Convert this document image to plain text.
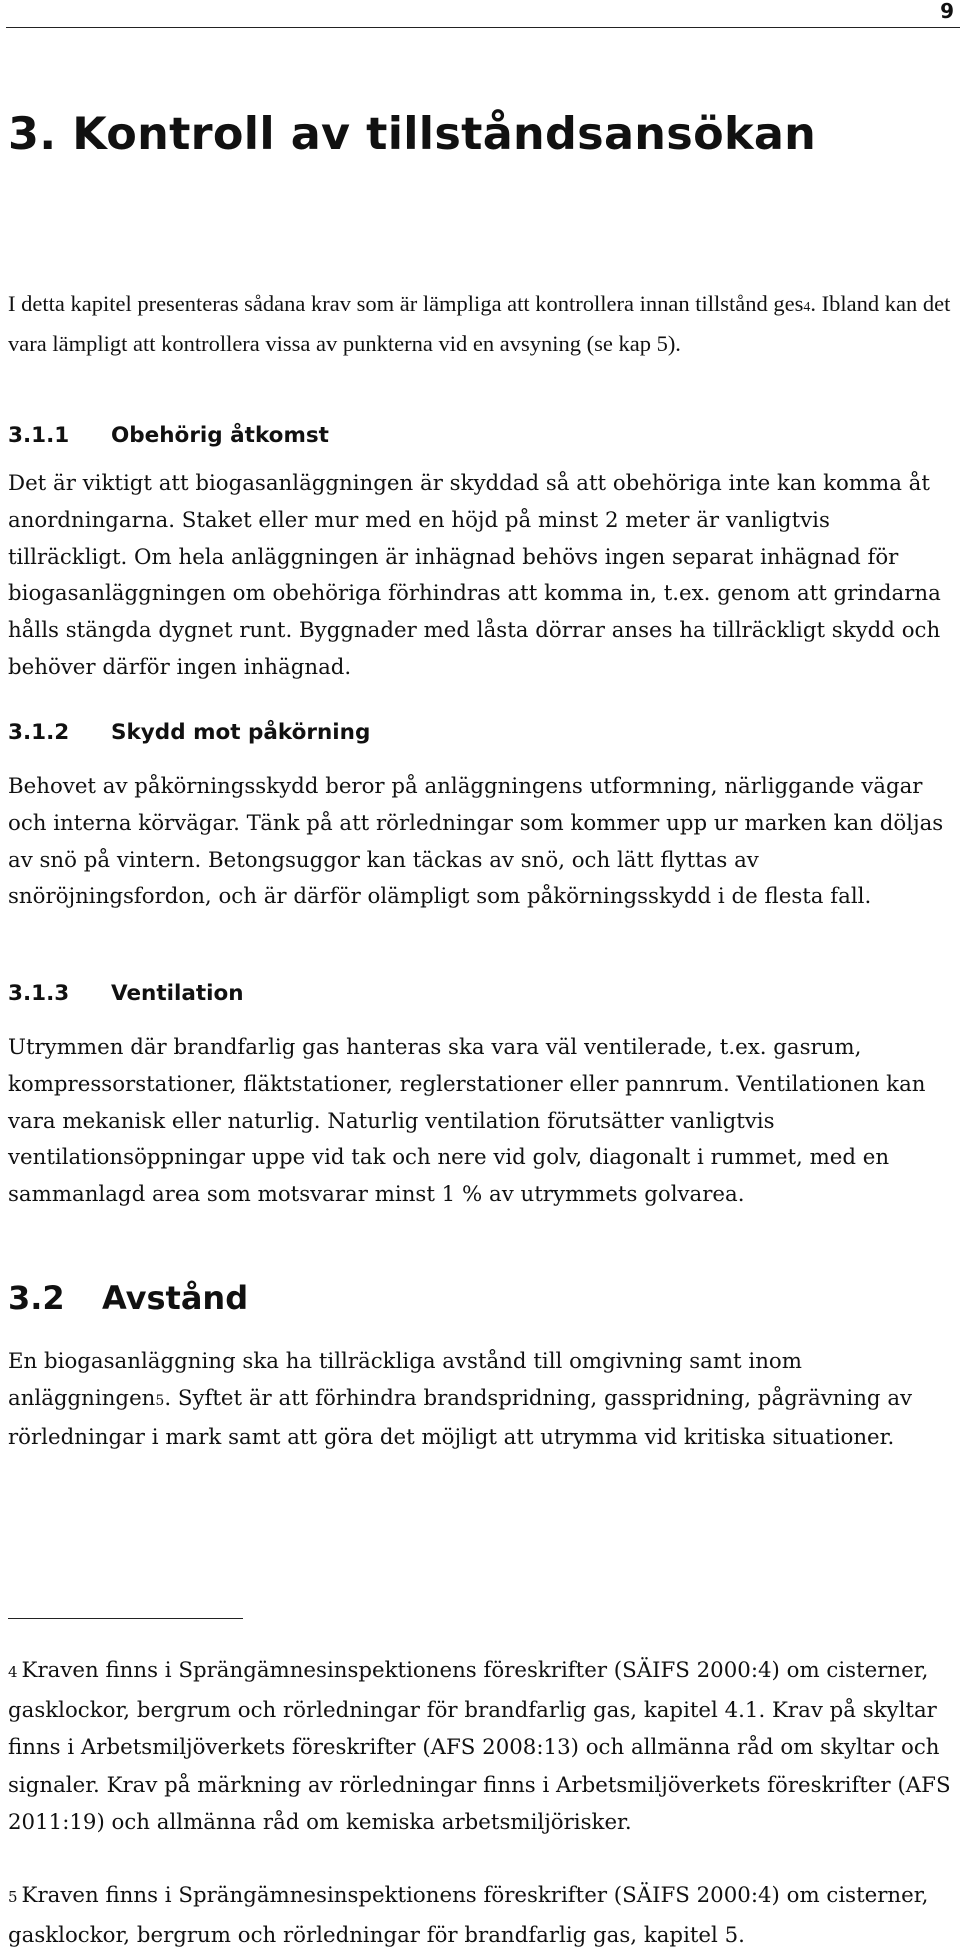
9
3. Kontroll av tillståndsansökan

I detta kapitel presenteras sådana krav som är lämpliga att kontrollera innan tillstånd ges4. Ibland kan det vara lämpligt att kontrollera vissa av punkterna vid en avsyning (se kap 5).

3.1.1 Obehörig åtkomst

Det är viktigt att biogasanläggningen är skyddad så att obehöriga inte kan komma åt anordningarna. Staket eller mur med en höjd på minst 2 meter är vanligtvis tillräckligt. Om hela anläggningen är inhägnad behövs ingen separat inhägnad för biogasanläggningen om obehöriga förhindras att komma in, t.ex. genom att grindarna hålls stängda dygnet runt. Byggnader med låsta dörrar anses ha tillräckligt skydd och behöver därför ingen inhägnad.

3.1.2 Skydd mot påkörning

Behovet av påkörningsskydd beror på anläggningens utformning, närliggande vägar och interna körvägar. Tänk på att rörledningar som kommer upp ur marken kan döljas av snö på vintern. Betongsuggor kan täckas av snö, och lätt flyttas av snöröjningsfordon, och är därför olämpligt som påkörningsskydd i de flesta fall.

3.1.3 Ventilation

Utrymmen där brandfarlig gas hanteras ska vara väl ventilerade, t.ex. gasrum, kompressorstationer, fläktstationer, reglerstationer eller pannrum. Ventilationen kan vara mekanisk eller naturlig. Naturlig ventilation förutsätter vanligtvis ventilationsöppningar uppe vid tak och nere vid golv, diagonalt i rummet, med en sammanlagd area som motsvarar minst 1 % av utrymmets golvarea.

3.2 Avstånd

En biogasanläggning ska ha tillräckliga avstånd till omgivning samt inom anläggningen5. Syftet är att förhindra brandspridning, gasspridning, pågrävning av rörledningar i mark samt att göra det möjligt att utrymma vid kritiska situationer.

4 Kraven finns i Sprängämnesinspektionens föreskrifter (SÄIFS 2000:4) om cisterner, gasklockor, bergrum och rörledningar för brandfarlig gas, kapitel 4.1. Krav på skyltar finns i Arbetsmiljöverkets föreskrifter (AFS 2008:13) och allmänna råd om skyltar och signaler. Krav på märkning av rörledningar finns i Arbetsmiljöverkets föreskrifter (AFS 2011:19) och allmänna råd om kemiska arbetsmiljörisker.

5 Kraven finns i Sprängämnesinspektionens föreskrifter (SÄIFS 2000:4) om cisterner, gasklockor, bergrum och rörledningar för brandfarlig gas, kapitel 5.
